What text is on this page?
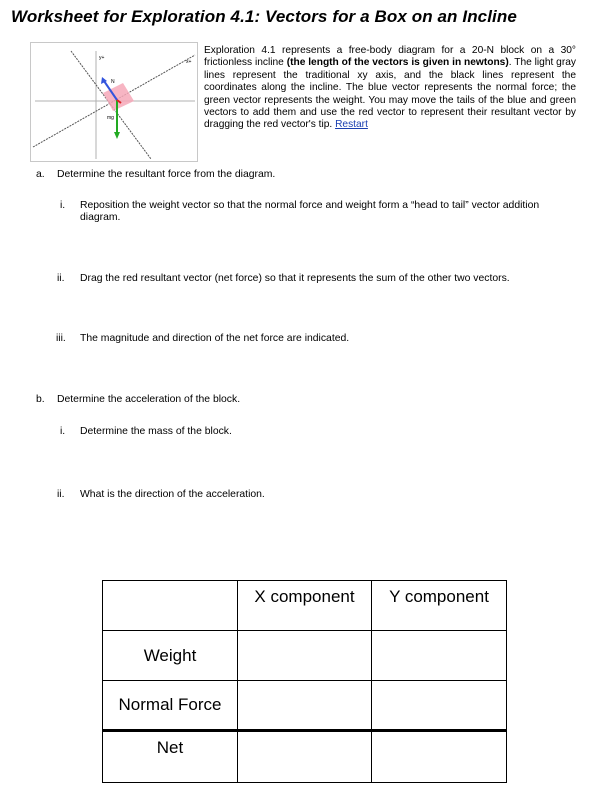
Worksheet for Exploration 4.1: Vectors for a Box on an Incline
y+
x+
N
mg
Exploration 4.1 represents a free-body diagram for a 20-N block on a 30° frictionless incline (the length of the vectors is given in newtons). The light gray lines represent the traditional xy axis, and the black lines represent the coordinates along the incline. The blue vector represents the normal force; the green vector represents the weight. You may move the tails of the blue and green vectors to add them and use the red vector to represent their resultant vector by dragging the red vector's tip. Restart
a. Determine the resultant force from the diagram.
i. Reposition the weight vector so that the normal force and weight form a “head to tail” vector addition diagram.
ii. Drag the red resultant vector (net force) so that it represents the sum of the other two vectors.
iii. The magnitude and direction of the net force are indicated.
b. Determine the acceleration of the block.
i. Determine the mass of the block.
ii. What is the direction of the acceleration.
	X component	Y component
Weight		
Normal Force		
Net		
